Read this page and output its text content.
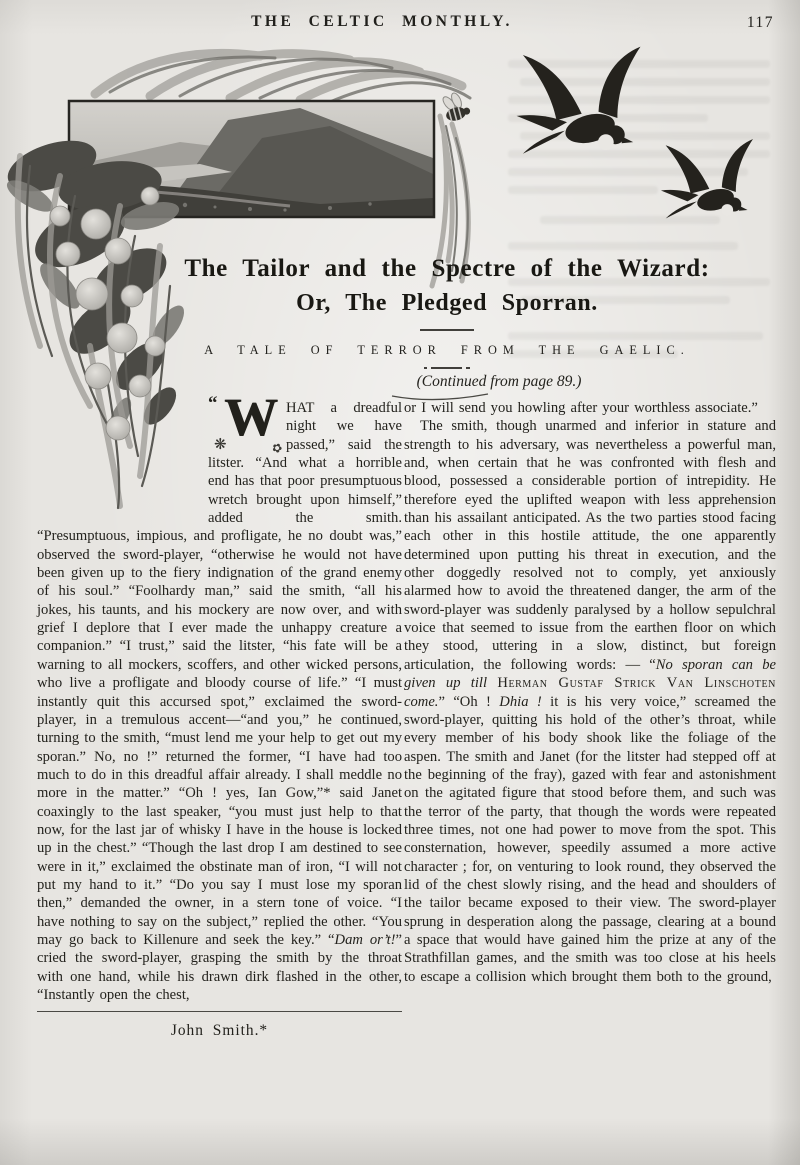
THE CELTIC MONTHLY.	117
The Tailor and the Spectre of the Wizard:
Or, The Pledged Sporran.
A TALE OF TERROR FROM THE GAELIC.
(Continued from page 89.)
“ W
❋	✿

HAT a dreadful night we have passed,” said the litster. “And what a horrible end has that poor presumptuous wretch brought upon himself,” added the smith. “Presumptuous, impious, and profligate, he no doubt was,” observed the sword-player, “otherwise he would not have been given up to the fiery indignation of the grand enemy of his soul.” “Foolhardy man,” said the smith, “all his jokes, his taunts, and his mockery are now over, and with grief I deplore that I ever made the unhappy creature a companion.” “I trust,” said the litster, “his fate will be a warning to all mockers, scoffers, and other wicked persons, who live a profligate and bloody course of life.” “I must instantly quit this accursed spot,” exclaimed the sword-player, in a tremulous accent—“and you,” he continued, turning to the smith, “must lend me your help to get out my sporan.” No, no !” returned the former, “I have had too much to do in this dreadful affair already. I shall meddle no more in the matter.” “Oh ! yes, Ian Gow,”* said Janet coaxingly to the last speaker, “you must just help to that now, for the last jar of whisky I have in the house is locked up in the chest.” “Though the last drop I am destined to see were in it,” exclaimed the obstinate man of iron, “I will not put my hand to it.” “Do you say I must lose my sporan then,” demanded the owner, in a stern tone of voice. “I have nothing to say on the subject,” replied the other. “You may go back to Killenure and seek the key.” “Dam or’t!” cried the sword-player, grasping the smith by the throat with one hand, while his drawn dirk flashed in the other, “Instantly open the chest,

John Smith.*

or I will send you howling after your worthless associate.”

The smith, though unarmed and inferior in stature and strength to his adversary, was nevertheless a powerful man, and, when certain that he was confronted with flesh and blood, possessed a considerable portion of intrepidity. He therefore eyed the uplifted weapon with less apprehension than his assailant anticipated. As the two parties stood facing each other in this hostile attitude, the one apparently determined upon putting his threat in execution, and the other doggedly resolved not to comply, yet anxiously alarmed how to avoid the threatened danger, the arm of the sword-player was suddenly paralysed by a hollow sepulchral voice that seemed to issue from the earthen floor on which they stood, uttering in a slow, distinct, but foreign articulation, the following words: — “No sporan can be given up till Herman Gustaf Strick Van Linschoten come.” “Oh ! Dhia ! it is his very voice,” screamed the sword-player, quitting his hold of the other’s throat, while every member of his body shook like the foliage of the aspen. The smith and Janet (for the litster had stepped off at the beginning of the fray), gazed with fear and astonishment on the agitated figure that stood before them, and such was the terror of the party, that though the words were repeated three times, not one had power to move from the spot. This consternation, however, speedily assumed a more active character ; for, on venturing to look round, they observed the lid of the chest slowly rising, and the head and shoulders of the tailor became exposed to their view. The sword-player sprung in desperation along the passage, clearing at a bound a space that would have gained him the prize at any of the Strathfillan games, and the smith was too close at his heels to escape a collision which brought them both to the ground,
